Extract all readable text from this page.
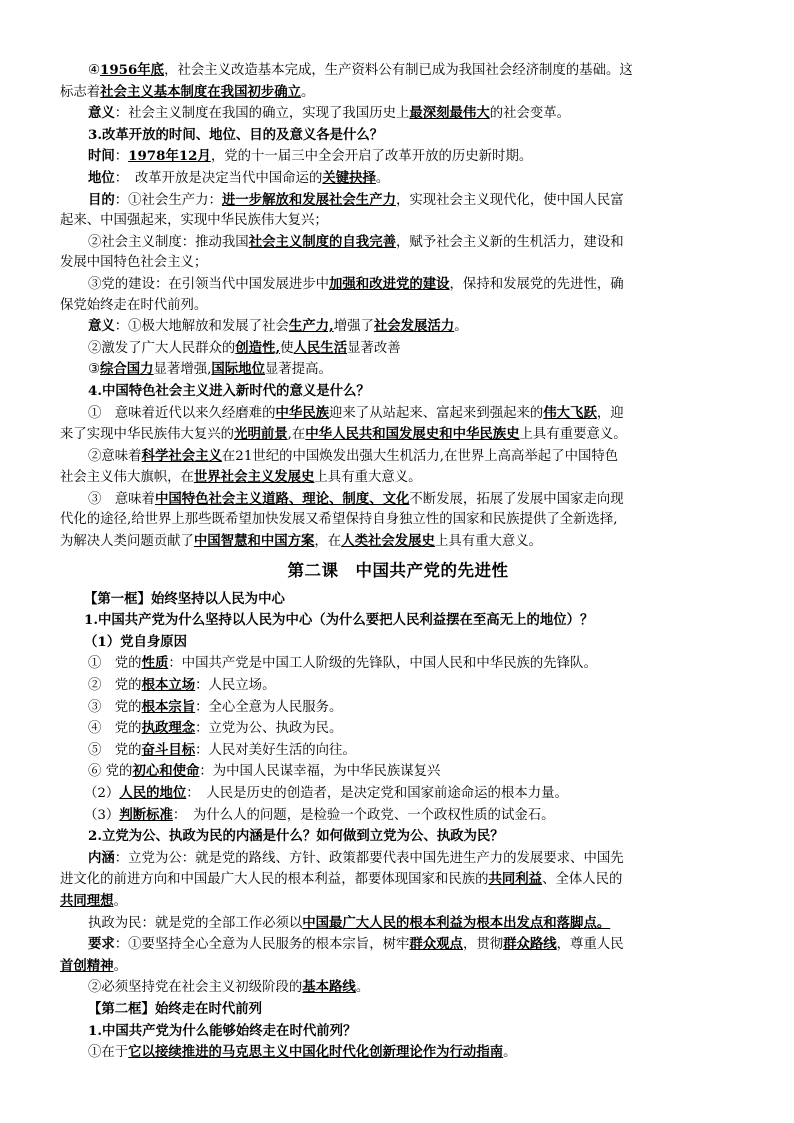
④1956年底，社会主义改造基本完成，生产资料公有制已成为我国社会经济制度的基础。这

标志着社会主义基本制度在我国初步确立。

意义：社会主义制度在我国的确立，实现了我国历史上最深刻最伟大的社会变革。

3.改革开放的时间、地位、目的及意义各是什么？

时间：1978年12月，党的十一届三中全会开启了改革开放的历史新时期。

地位：　改革开放是决定当代中国命运的关键抉择。

目的：①社会生产力：进一步解放和发展社会生产力，实现社会主义现代化，使中国人民富

起来、中国强起来，实现中华民族伟大复兴；

②社会主义制度：推动我国社会主义制度的自我完善，赋予社会主义新的生机活力，建设和

发展中国特色社会主义；

③党的建设：在引领当代中国发展进步中加强和改进党的建设，保持和发展党的先进性，确

保党始终走在时代前列。

意义：①极大地解放和发展了社会生产力,增强了社会发展活力。

②激发了广大人民群众的创造性,使人民生活显著改善

③综合国力显著增强,国际地位显著提高。

4.中国特色社会主义进入新时代的意义是什么？

①　意味着近代以来久经磨难的中华民族迎来了从站起来、富起来到强起来的伟大飞跃，迎

来了实现中华民族伟大复兴的光明前景,在中华人民共和国发展史和中华民族史上具有重要意义。

②意味着科学社会主义在21世纪的中国焕发出强大生机活力,在世界上高高举起了中国特色

社会主义伟大旗帜，在世界社会主义发展史上具有重大意义。

③　意味着中国特色社会主义道路、理论、制度、文化不断发展，拓展了发展中国家走向现

代化的途径,给世界上那些既希望加快发展又希望保持自身独立性的国家和民族提供了全新选择,

为解决人类问题贡献了中国智慧和中国方案，在人类社会发展史上具有重大意义。

第二课　中国共产党的先进性

【第一框】始终坚持以人民为中心

1.中国共产党为什么坚持以人民为中心（为什么要把人民利益摆在至高无上的地位）？

（1）党自身原因

①　党的性质：中国共产党是中国工人阶级的先锋队，中国人民和中华民族的先锋队。

②　党的根本立场：人民立场。

③　党的根本宗旨：全心全意为人民服务。

④　党的执政理念：立党为公、执政为民。

⑤　党的奋斗目标：人民对美好生活的向往。

⑥ 党的初心和使命：为中国人民谋幸福，为中华民族谋复兴

（2）人民的地位：　人民是历史的创造者，是决定党和国家前途命运的根本力量。

（3）判断标准：　为什么人的问题，是检验一个政党、一个政权性质的试金石。

2.立党为公、执政为民的内涵是什么？如何做到立党为公、执政为民？

内涵：立党为公：就是党的路线、方针、政策都要代表中国先进生产力的发展要求、中国先

进文化的前进方向和中国最广大人民的根本利益，都要体现国家和民族的共同利益、全体人民的

共同理想。

执政为民：就是党的全部工作必须以中国最广大人民的根本利益为根本出发点和落脚点。

要求：①要坚持全心全意为人民服务的根本宗旨，树牢群众观点，贯彻群众路线，尊重人民

首创精神。

②必须坚持党在社会主义初级阶段的基本路线。

【第二框】始终走在时代前列

1.中国共产党为什么能够始终走在时代前列？

①在于它以接续推进的马克思主义中国化时代化创新理论作为行动指南。
